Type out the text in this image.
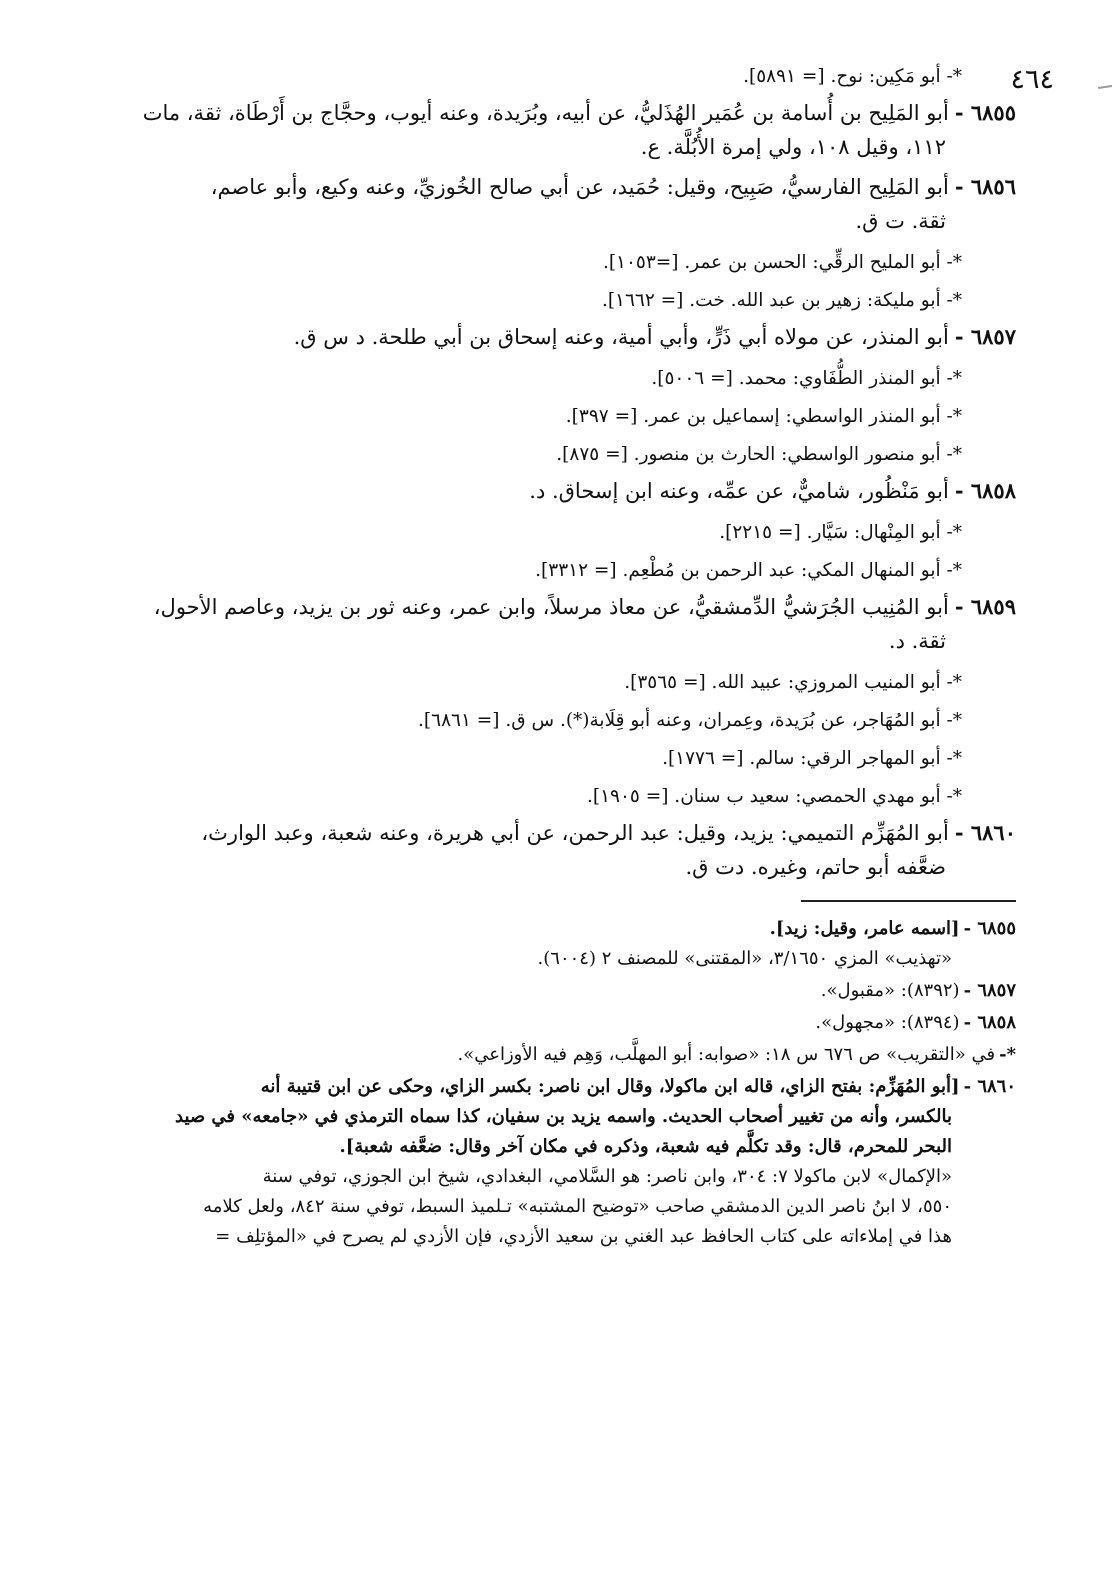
٤٦٤
*- أبو مَكِين: نوح. [= ٥٨٩١].
٦٨٥٥ -أبو المَلِيح بن أُسامة بن عُمَير الهُذَليُّ، عن أبيه، وبُرَيدة، وعنه أيوب، وحجَّاج بن أَرْطَاة، ثقة، مات
١١٢، وقيل ١٠٨، ولي إمرة الأُبُلَّة. ع.
٦٨٥٦ -أبو المَلِيح الفارسيُّ، صَبِيح، وقيل: حُمَيد، عن أبي صالح الخُوزيِّ، وعنه وكيع، وأبو عاصم،
ثقة. ت ق.
*- أبو المليح الرقِّي: الحسن بن عمر. [=١٠٥٣].
*- أبو مليكة: زهير بن عبد الله. خت. [= ١٦٦٢].
٦٨٥٧ -أبو المنذر، عن مولاه أبي ذَرٍّ، وأبي أمية، وعنه إسحاق بن أبي طلحة. د س ق.
*- أبو المنذر الطُّفَاوي: محمد. [= ٥٠٠٦].
*- أبو المنذر الواسطي: إسماعيل بن عمر. [= ٣٩٧].
*- أبو منصور الواسطي: الحارث بن منصور. [= ٨٧٥].
٦٨٥٨ -أبو مَنْظُور، شاميٌّ، عن عمِّه، وعنه ابن إسحاق. د.
*- أبو المِنْهال: سَيَّار. [= ٢٢١٥].
*- أبو المنهال المكي: عبد الرحمن بن مُطْعِم. [= ٣٣١٢].
٦٨٥٩ -أبو المُنِيب الجُرَشيُّ الدِّمشقيُّ، عن معاذ مرسلاً، وابن عمر، وعنه ثور بن يزيد، وعاصم الأحول،
ثقة. د.
*- أبو المنيب المروزي: عبيد الله. [= ٣٥٦٥].
*- أبو المُهَاجر، عن بُرَيدة، وعِمران، وعنه أبو قِلَابة(*). س ق. [= ٦٨٦١].
*- أبو المهاجر الرقي: سالم. [= ١٧٧٦].
*- أبو مهدي الحمصي: سعيد ب سنان. [= ١٩٠٥].
٦٨٦٠ -أبو المُهَزِّم التميمي: يزيد، وقيل: عبد الرحمن، عن أبي هريرة، وعنه شعبة، وعبد الوارث،
ضعَّفه أبو حاتم، وغيره. دت ق.
٦٨٥٥ -[اسمه عامر، وقيل: زيد].
«تهذيب» المزي ٣/١٦٥٠، «المقتنى» للمصنف ٢ (٦٠٠٤).
٦٨٥٧ -(٨٣٩٢): «مقبول».
٦٨٥٨ -(٨٣٩٤): «مجهول».
*-في «التقريب» ص ٦٧٦ س ١٨: «صوابه: أبو المهلَّب، وَهِم فيه الأوزاعي».
٦٨٦٠ -[أبو المُهَزِّم: بفتح الزاي، قاله ابن ماكولا، وقال ابن ناصر: بكسر الزاي، وحكى عن ابن قتيبة أنه
بالكسر، وأنه من تغيير أصحاب الحديث. واسمه يزيد بن سفيان، كذا سماه الترمذي في «جامعه» في صيد
البحر للمحرم، قال: وقد تكلَّم فيه شعبة، وذكره في مكان آخر وقال: ضعَّفه شعبة].
«الإكمال» لابن ماكولا ٧: ٣٠٤، وابن ناصر: هو السَّلامي، البغدادي، شيخ ابن الجوزي، توفي سنة
٥٥٠، لا ابنُ ناصر الدين الدمشقي صاحب «توضيح المشتبه» تـلميذ السبط، توفي سنة ٨٤٢، ولعل كلامه
هذا في إملاءاته على كتاب الحافظ عبد الغني بن سعيد الأزدي، فإن الأزدي لم يصرح في «المؤتلِف =
